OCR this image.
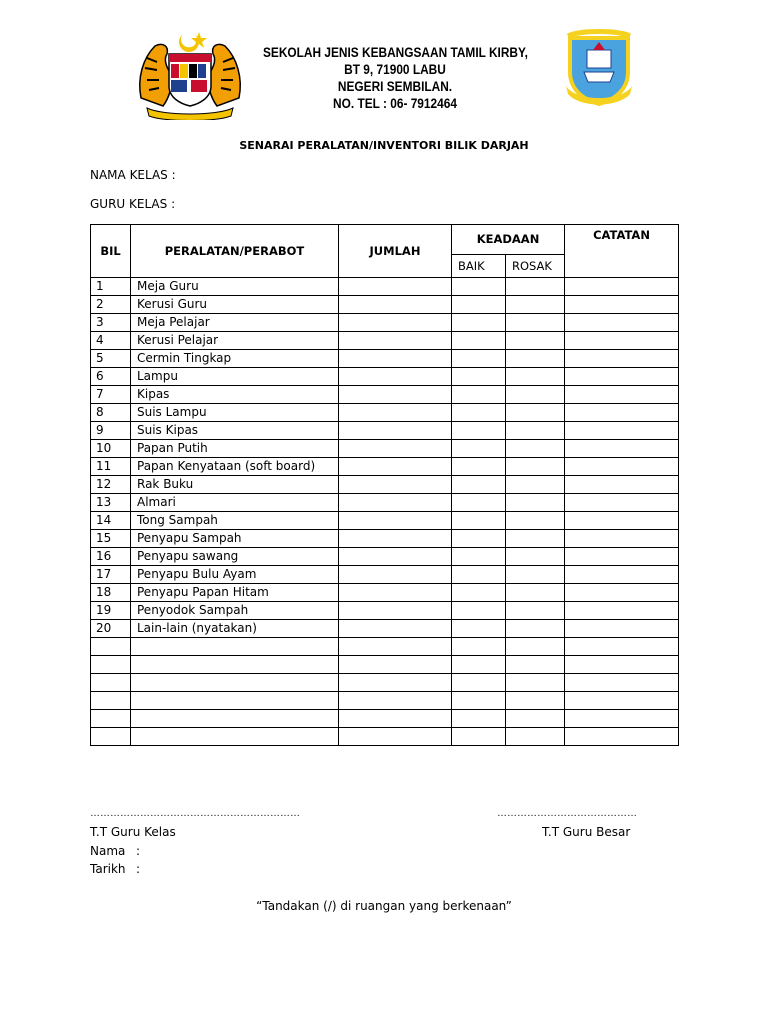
SEKOLAH JENIS KEBANGSAAN TAMIL KIRBY,
BT 9, 71900 LABU
NEGERI SEMBILAN.
NO. TEL : 06- 7912464
SENARAI PERALATAN/INVENTORI BILIK DARJAH
NAMA KELAS :
GURU KELAS :
BIL	PERALATAN/PERABOT	JUMLAH	KEADAAN		CATATAN
			BAIK	ROSAK	
1	Meja Guru				
2	Kerusi Guru				
3	Meja Pelajar				
4	Kerusi Pelajar				
5	Cermin Tingkap				
6	Lampu				
7	Kipas				
8	Suis Lampu				
9	Suis Kipas				
10	Papan Putih				
11	Papan Kenyataan (soft board)				
12	Rak Buku				
13	Almari				
14	Tong Sampah				
15	Penyapu Sampah				
16	Penyapu sawang				
17	Penyapu Bulu Ayam				
18	Penyapu Papan Hitam				
19	Penyodok Sampah				
20	Lain-lain (nyatakan)				

………………………………………………………	……………………………………
T.T Guru Kelas	T.T Guru Besar
Nama :
Tarikh :
“Tandakan (/) di ruangan yang berkenaan”
